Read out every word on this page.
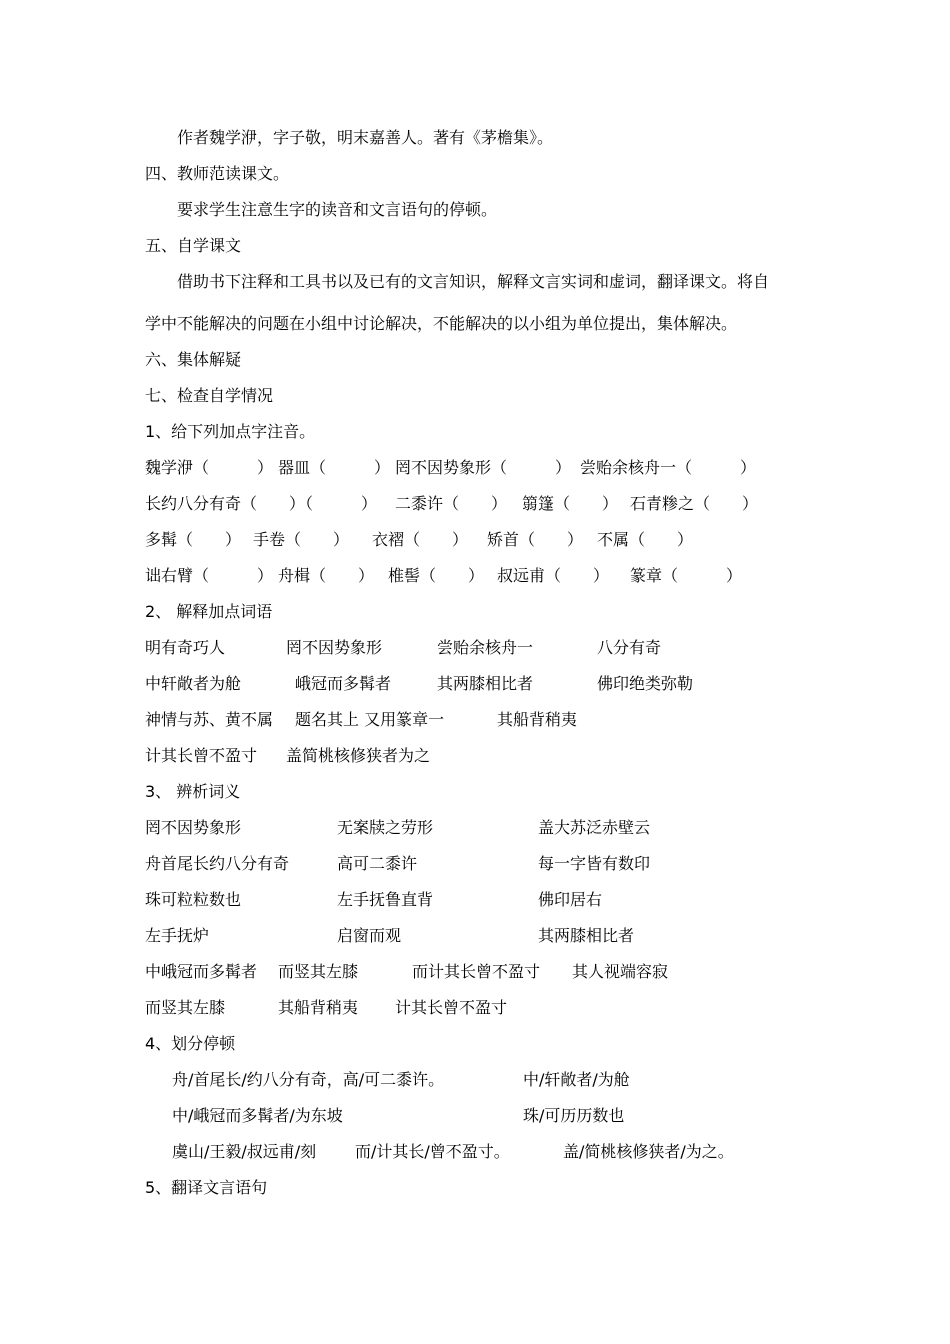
作者魏学洢，字子敬，明末嘉善人。著有《茅檐集》。
四、教师范读课文。
要求学生注意生字的读音和文言语句的停顿。
五、自学课文
借助书下注释和工具书以及已有的文言知识，解释文言实词和虚词，翻译课文。将自
学中不能解决的问题在小组中讨论解决，不能解决的以小组为单位提出，集体解决。
六、集体解疑
七、检查自学情况
1、给下列加点字注音。
魏学洢（　　　） 器皿（　　　） 罔不因势象形（　　　） 尝贻余核舟一（　　　）
长约八分有奇（　　）（　　　） 二黍许（　　） 篛篷（　　） 石青糁之（　　）
多髯（　　） 手卷（　　） 衣褶（　　） 矫首（　　） 不属（　　）
诎右臂（　　　） 舟楫（　　） 椎髻（　　） 叔远甫（　　） 篆章（　　　）
2、 解释加点词语
明有奇巧人	罔不因势象形	尝贻余核舟一	八分有奇
中轩敞者为舱	峨冠而多髯者	其两膝相比者	佛印绝类弥勒
神情与苏、黄不属 题名其上 又用篆章一	其船背稍夷
计其长曾不盈寸 盖简桃核修狭者为之
3、 辨析词义
罔不因势象形	无案牍之劳形	盖大苏泛赤壁云
舟首尾长约八分有奇	高可二黍许	每一字皆有数印
珠可粒粒数也	左手抚鲁直背	佛印居右
左手抚炉	启窗而观	其两膝相比者
中峨冠而多髯者 而竖其左膝	而计其长曾不盈寸 其人视端容寂
而竖其左膝	其船背稍夷 计其长曾不盈寸
4、划分停顿
舟/首尾长/约八分有奇，高/可二黍许。	中/轩敞者/为舱
中/峨冠而多髯者/为东坡	珠/可历历数也
虞山/王毅/叔远甫/刻 而/计其长/曾不盈寸。	盖/简桃核修狭者/为之。
5、翻译文言语句
